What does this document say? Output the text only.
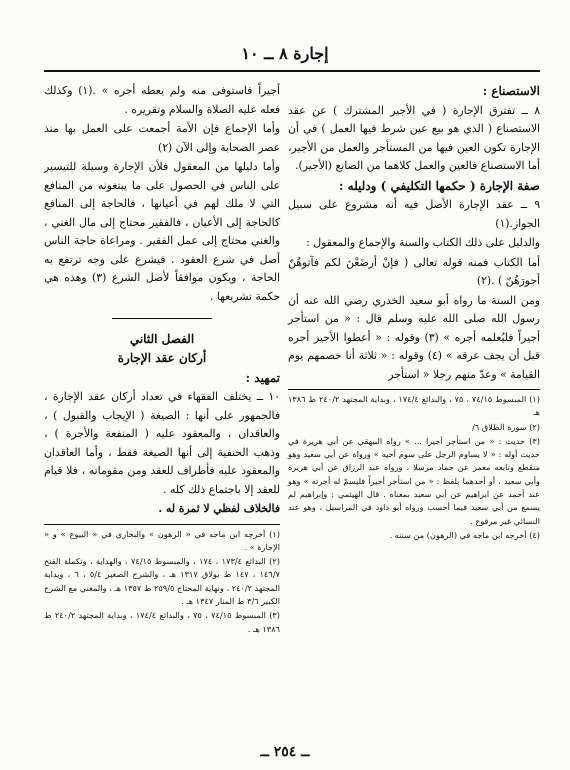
إجارة ٨ ــ ١٠

الاستصناع :

٨ ــ تفترق الإجارة ( في الأجير المشترك ) عن عقد الاستصناع ( الذي هو بيع عين شرط فيها العمل ) في أن الإجارة تكون العين فيها من المستأجر والعمل من الأجير، أما الاستصناع فالعين والعمل كلاهما من الصانع (الأجير).

صفة الإجارة ( حكمها التكليفي ) ودليله :

٩ ــ عقد الإجارة الأصل فيه أنه مشروع على سبيل الجواز.(١)

والدليل على ذلك الكتاب والسنة والإجماع والمعقول :

أما الكتاب فمنه قوله تعالى ( فإنْ أرضَعْنَ لكم فآتوهُنّ أجورَهُنّ ) .(٢)

ومن السنة ما رواه أبو سعيد الخدري رضي الله عنه أن رسول الله صلى الله عليه وسلم قال : « من استأجر أجيراً فليُعلمه أجره » (٣) وقوله : « أعطوا الأجير أجره قبل أن يجف عرقه » (٤) وقوله : « ثلاثة أنا خصمهم يوم القيامة » وعدّ منهم رجلا « استأجر

(١) المبسوط ٧٤/١٥ ، ٧٥ ، والبدائع ١٧٤/٤ ، وبداية المجتهد ٢٤٠/٢ ط ١٣٨٦ هـ

(٢) سورة الطلاق ٦/

(٣) حديث : « من استأجر أجيرا ... » رواه البيهقي عن أبي هريرة في حديث أوله : « لا يساوم الرجل على سوم أخيه » ورواه عن أبي سعيد وهو منقطع وتابعه معمر عن حماد مرسلا ، ورواه عبد الرزاق عن أبي هريرة وأبي سعيد ، أو أحدهما بلفظ : « من استأجر أجيراً فليسمّ له أجرته » وهو عند أحمد عن ابراهيم عن أبي سعيد بمعناه . قال الهيثمي : وإبراهيم لم يسمع من أبي سعيد فيما أحسب ورواه أبو داود في المراسيل ، وهو عند النسائي غير مرفوع .

(٤) أخرجه ابن ماجه في (الرهون) من سننه .

أجيراً فاستوفى منه ولم يعطه أجره » .(١) وكذلك فعله عليه الصلاة والسلام وتقريره .

وأما الإجماع فإن الأمة أجمعت على العمل بها منذ عصر الصحابة وإلى الآن (٢)

وأما دليلها من المعقول فلأن الإجارة وسيلة للتيسير على الناس في الحصول على ما يبتغونه من المنافع التي لا ملك لهم في أعيانها ، فالحاجة إلى المنافع كالحاجة إلى الأعيان ، فالفقير محتاج إلى مال الغني ، والغني محتاج إلى عمل الفقير . ومراعاة حاجة الناس أصل في شرع العقود . فيشرع على وجه ترتفع به الحاجة ، ويكون موافقاً لأصل الشرع (٣) وهذه هي حكمة تشريعها .

الفصل الثاني

أركان عقد الإجارة

تمهيد :

١٠ ــ يختلف الفقهاء في تعداد أركان عقد الإجارة ، فالجمهور على أنها : الصيغة ( الإيجاب والقبول ) ، والعاقدان ، والمعقود عليه ( المنفعة والأجرة ) ، وذهب الحنفية إلى أنها الصيغة فقط ، وأما العاقدان والمعقود عليه فأطراف للعقد ومن مقوماته ، فلا قيام للعقد إلا باجتماع ذلك كله .

فالخلاف لفظي لا ثمرة له .

(١) أخرجه ابن ماجه في « الرهون » والبخاري في « البيوع » و « الإجارة » .

(٢) البدائع ١٧٣/٤ ، ١٧٤ ، والمبسوط ٧٤/١٥ ، والهداية ، وتكملة الفتح ١٤٦/٧ ، ١٤٧ ط بولاق ١٣١٧ هـ ، والشرح الصغير ٥/٤ ، ٦ ، وبداية المجتهد ٢٤٠/٢ ، ونهاية المحتاج ٢٥٩/٥ ط ١٣٥٧ هـ ، والمغني مع الشرح الكبير ٣/٦ ط المنار ١٣٤٧ هـ .

(٣) المبسوط ٧٤/١٥ ، ٧٥ ، والبدائع ١٧٤/٤ ، وبداية المجتهد ٢٤٠/٢ ط ١٣٨٦ هـ .

ــ ٢٥٤ ــ
